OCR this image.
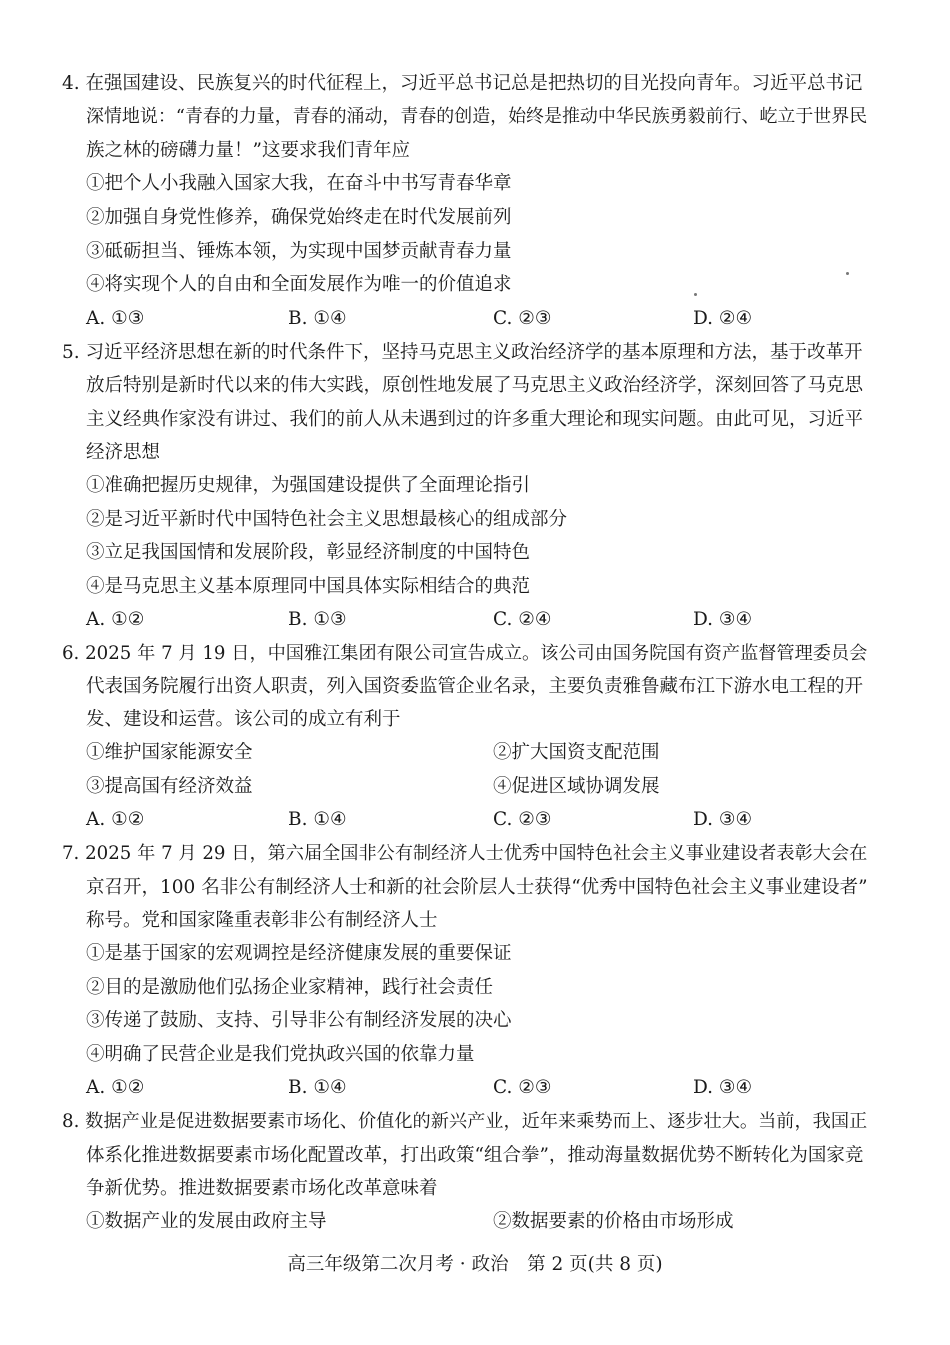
4. 在强国建设、民族复兴的时代征程上，习近平总书记总是把热切的目光投向青年。习近平总书记
深情地说：“青春的力量，青春的涌动，青春的创造，始终是推动中华民族勇毅前行、屹立于世界民
族之林的磅礴力量！”这要求我们青年应
①把个人小我融入国家大我，在奋斗中书写青春华章
②加强自身党性修养，确保党始终走在时代发展前列
③砥砺担当、锤炼本领，为实现中国梦贡献青春力量
④将实现个人的自由和全面发展作为唯一的价值追求
A. ①③	B. ①④	C. ②③	D. ②④
5. 习近平经济思想在新的时代条件下，坚持马克思主义政治经济学的基本原理和方法，基于改革开
放后特别是新时代以来的伟大实践，原创性地发展了马克思主义政治经济学，深刻回答了马克思
主义经典作家没有讲过、我们的前人从未遇到过的许多重大理论和现实问题。由此可见，习近平
经济思想
①准确把握历史规律，为强国建设提供了全面理论指引
②是习近平新时代中国特色社会主义思想最核心的组成部分
③立足我国国情和发展阶段，彰显经济制度的中国特色
④是马克思主义基本原理同中国具体实际相结合的典范
A. ①②	B. ①③	C. ②④	D. ③④
6. 2025 年 7 月 19 日，中国雅江集团有限公司宣告成立。该公司由国务院国有资产监督管理委员会
代表国务院履行出资人职责，列入国资委监管企业名录，主要负责雅鲁藏布江下游水电工程的开
发、建设和运营。该公司的成立有利于
①维护国家能源安全	②扩大国资支配范围
③提高国有经济效益	④促进区域协调发展
A. ①②	B. ①④	C. ②③	D. ③④
7. 2025 年 7 月 29 日，第六届全国非公有制经济人士优秀中国特色社会主义事业建设者表彰大会在
京召开，100 名非公有制经济人士和新的社会阶层人士获得“优秀中国特色社会主义事业建设者”
称号。党和国家隆重表彰非公有制经济人士
①是基于国家的宏观调控是经济健康发展的重要保证
②目的是激励他们弘扬企业家精神，践行社会责任
③传递了鼓励、支持、引导非公有制经济发展的决心
④明确了民营企业是我们党执政兴国的依靠力量
A. ①②	B. ①④	C. ②③	D. ③④
8. 数据产业是促进数据要素市场化、价值化的新兴产业，近年来乘势而上、逐步壮大。当前，我国正
体系化推进数据要素市场化配置改革，打出政策“组合拳”，推动海量数据优势不断转化为国家竞
争新优势。推进数据要素市场化改革意味着
①数据产业的发展由政府主导	②数据要素的价格由市场形成
高三年级第二次月考 · 政治　第 2 页(共 8 页)
